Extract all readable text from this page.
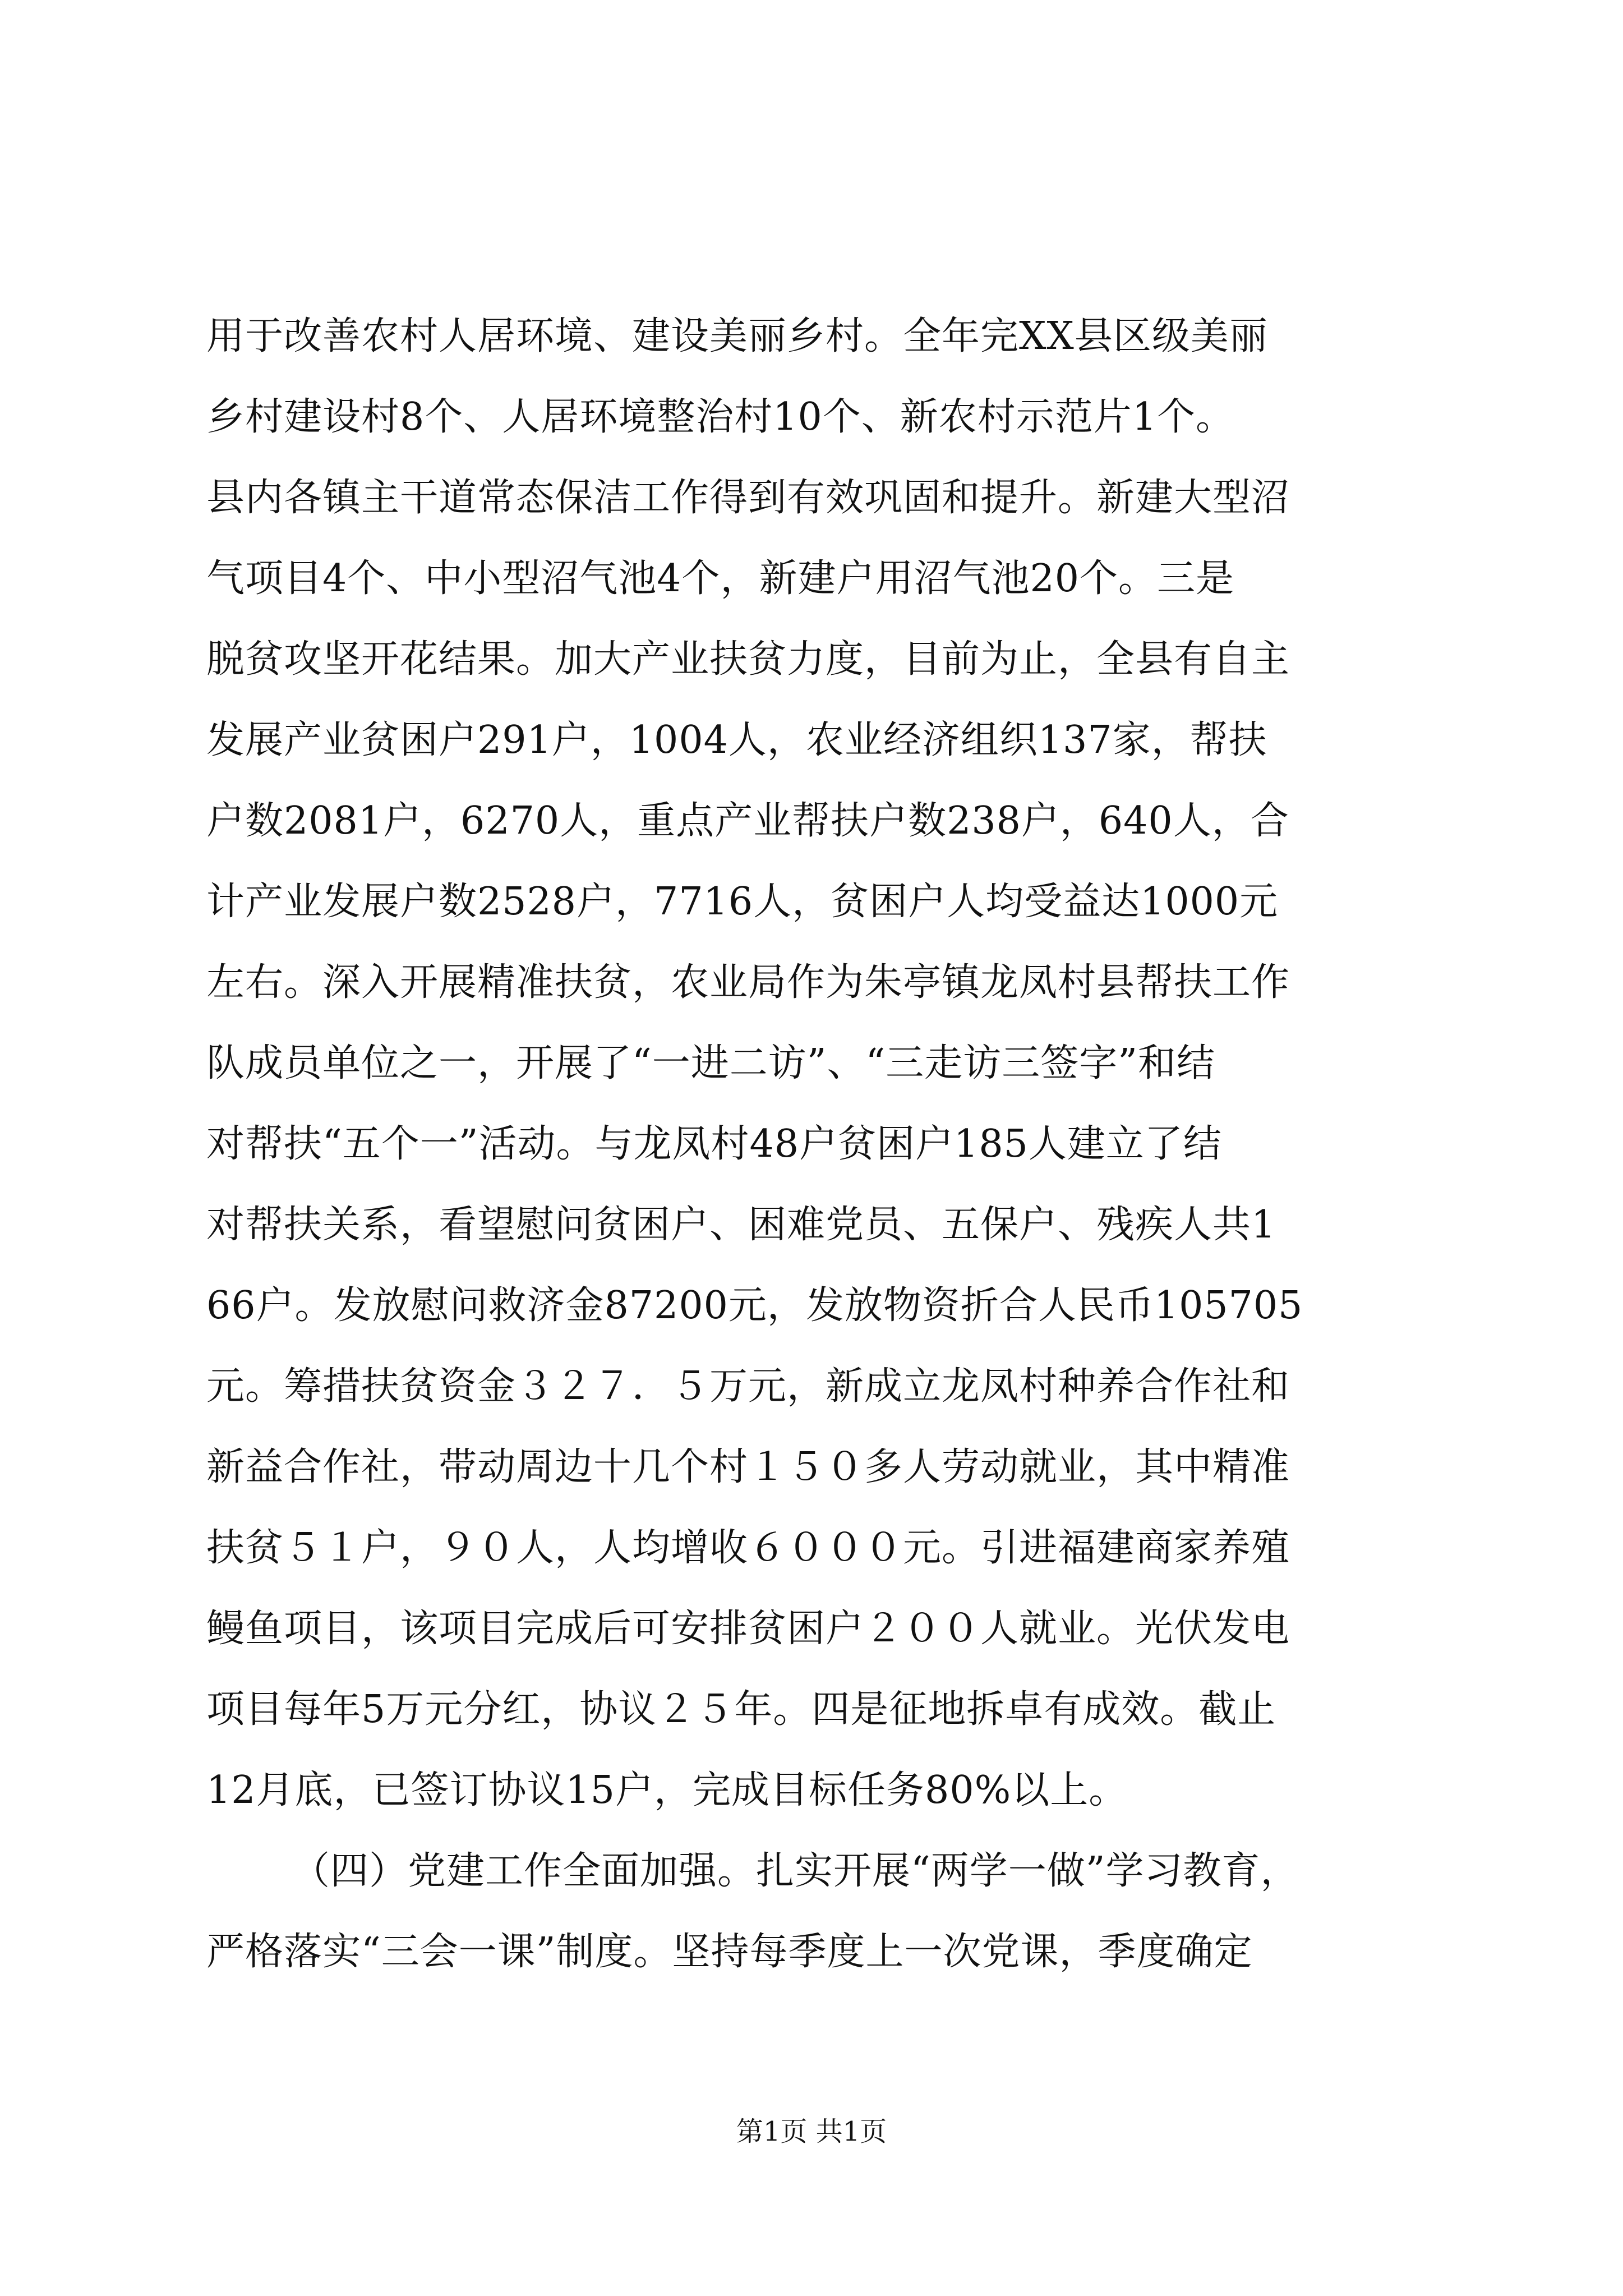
用于改善农村人居环境、建设美丽乡村。全年完XX县区级美丽
乡村建设村8个、人居环境整治村10个、新农村示范片1个。
县内各镇主干道常态保洁工作得到有效巩固和提升。新建大型沼
气项目4个、中小型沼气池4个，新建户用沼气池20个。三是
脱贫攻坚开花结果。加大产业扶贫力度，目前为止，全县有自主
发展产业贫困户291户，1004人，农业经济组织137家，帮扶
户数2081户，6270人，重点产业帮扶户数238户，640人，合
计产业发展户数2528户，7716人，贫困户人均受益达1000元
左右。深入开展精准扶贫，农业局作为朱亭镇龙凤村县帮扶工作
队成员单位之一，开展了“一进二访”、“三走访三签字”和结
对帮扶“五个一”活动。与龙凤村48户贫困户185人建立了结
对帮扶关系，看望慰问贫困户、困难党员、五保户、残疾人共1
66户。发放慰问救济金87200元，发放物资折合人民币105705
元。筹措扶贫资金３２７．５万元，新成立龙凤村种养合作社和
新益合作社，带动周边十几个村１５０多人劳动就业，其中精准
扶贫５１户，９０人，人均增收６０００元。引进福建商家养殖
鳗鱼项目，该项目完成后可安排贫困户２００人就业。光伏发电
项目每年5万元分红，协议２５年。四是征地拆卓有成效。截止
12月底，已签订协议15户，完成目标任务80%以上。
（四）党建工作全面加强。扎实开展“两学一做”学习教育，
严格落实“三会一课”制度。坚持每季度上一次党课，季度确定
第1页 共1页
